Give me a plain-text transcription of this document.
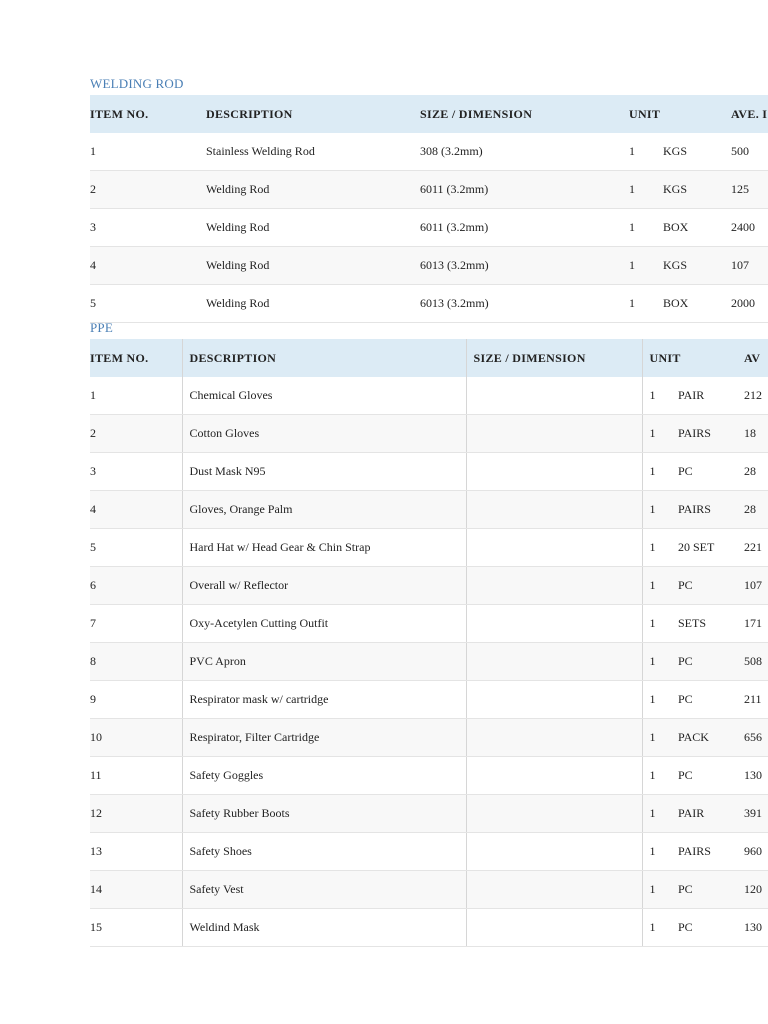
WELDING ROD
ITEM NO.	DESCRIPTION	SIZE / DIMENSION	UNIT		AVE. I
1	Stainless Welding Rod	308 (3.2mm)	1	KGS	500
2	Welding Rod	6011 (3.2mm)	1	KGS	125
3	Welding Rod	6011 (3.2mm)	1	BOX	2400
4	Welding Rod	6013 (3.2mm)	1	KGS	107
5	Welding Rod	6013 (3.2mm)	1	BOX	2000
PPE
ITEM NO.	DESCRIPTION	SIZE / DIMENSION	UNIT		AV
1	Chemical Gloves		1	PAIR	212
2	Cotton Gloves		1	PAIRS	18
3	Dust Mask N95		1	PC	28
4	Gloves, Orange Palm		1	PAIRS	28
5	Hard Hat w/ Head Gear & Chin Strap		1	20 SET	221
6	Overall w/ Reflector		1	PC	107
7	Oxy-Acetylen Cutting Outfit		1	SETS	171
8	PVC Apron		1	PC	508
9	Respirator mask w/ cartridge		1	PC	211
10	Respirator, Filter Cartridge		1	PACK	656
11	Safety Goggles		1	PC	130
12	Safety Rubber Boots		1	PAIR	391
13	Safety Shoes		1	PAIRS	960
14	Safety Vest		1	PC	120
15	Weldind Mask		1	PC	130
